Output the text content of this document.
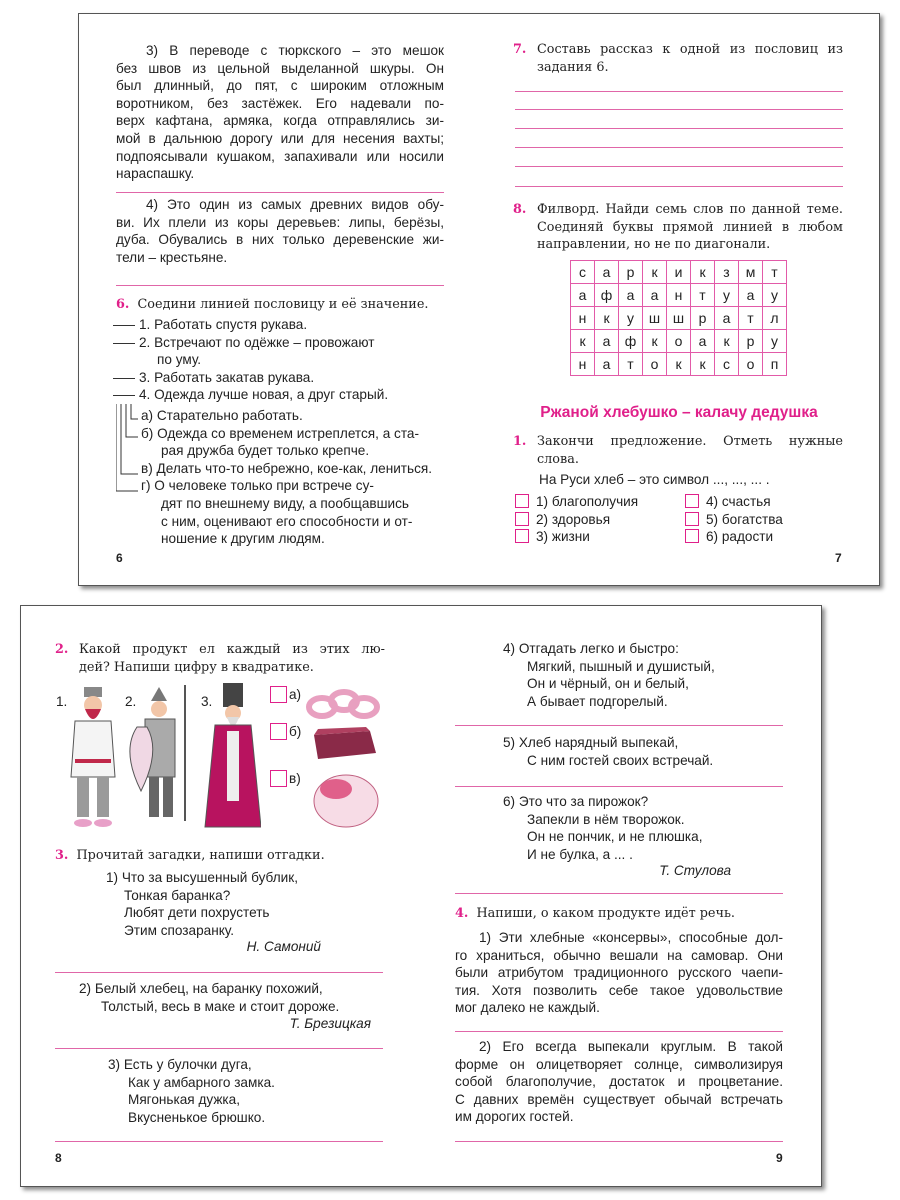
3) В переводе с тюркского – это мешок
без швов из цельной выделанной шкуры. Он
был длинный, до пят, с широким отложным
воротником, без застёжек. Его надевали по-
верх кафтана, армяка, когда отправлялись зи-
мой в дальнюю дорогу или для несения вахты;
подпоясывали кушаком, запахивали или носили
нараспашку.
4) Это один из самых древних видов обу-
ви. Их плели из коры деревьев: липы, берёзы,
дуба. Обувались в них только деревенские жи-
тели – крестьяне.
6. Соедини линией пословицу и её значение.
1. Работать спустя рукава.
2. Встречают по одёжке – провожают
по уму.
3. Работать закатав рукава.
4. Одежда лучше новая, а друг старый.
а) Старательно работать.
б) Одежда со временем истреплется, а ста-
рая дружба будет только крепче.
в) Делать что-то небрежно, кое-как, лениться.
г) О человеке только при встрече су-
дят по внешнему виду, а пообщавшись
с ним, оценивают его способности и от-
ношение к другим людям.
6
7. Составь рассказ к одной из пословиц из
задания 6.
8. Филворд. Найди семь слов по данной теме.
Соединяй буквы прямой линией в любом
направлении, но не по диагонали.
с	а	р	к	и	к	з	м	т
а	ф	а	а	н	т	у	а	у
н	к	у	ш	ш	р	а	т	л
к	а	ф	к	о	а	к	р	у
н	а	т	о	к	к	с	о	п
Ржаной хлебушко – калачу дедушка
1. Закончи предложение. Отметь нужные
слова.
На Руси хлеб – это символ ..., ..., ... .
1) благополучия
2) здоровья
3) жизни
4) счастья
5) богатства
6) радости
7
2. Какой продукт ел каждый из этих лю-
дей? Напиши цифру в квадратике.
1.	2.	3.	а)
б)
в)
3. Прочитай загадки, напиши отгадки.
1) Что за высушенный бублик,
Тонкая баранка?
Любят дети похрустеть
Этим спозаранку.
Н. Самоний
2) Белый хлебец, на баранку похожий,
Толстый, весь в маке и стоит дороже.
Т. Брезицкая
3) Есть у булочки дуга,
Как у амбарного замка.
Мягонькая дужка,
Вкусненькое брюшко.
8
4) Отгадать легко и быстро:
Мягкий, пышный и душистый,
Он и чёрный, он и белый,
А бывает подгорелый.
5) Хлеб нарядный выпекай,
С ним гостей своих встречай.
6) Это что за пирожок?
Запекли в нём творожок.
Он не пончик, и не плюшка,
И не булка, а ... .
Т. Стулова
4. Напиши, о каком продукте идёт речь.
1) Эти хлебные «консервы», способные дол-
го храниться, обычно вешали на самовар. Они
были атрибутом традиционного русского чаепи-
тия. Хотя позволить себе такое удовольствие
мог далеко не каждый.
2) Его всегда выпекали круглым. В такой
форме он олицетворяет солнце, символизируя
собой благополучие, достаток и процветание.
С давних времён существует обычай встречать
им дорогих гостей.
9
